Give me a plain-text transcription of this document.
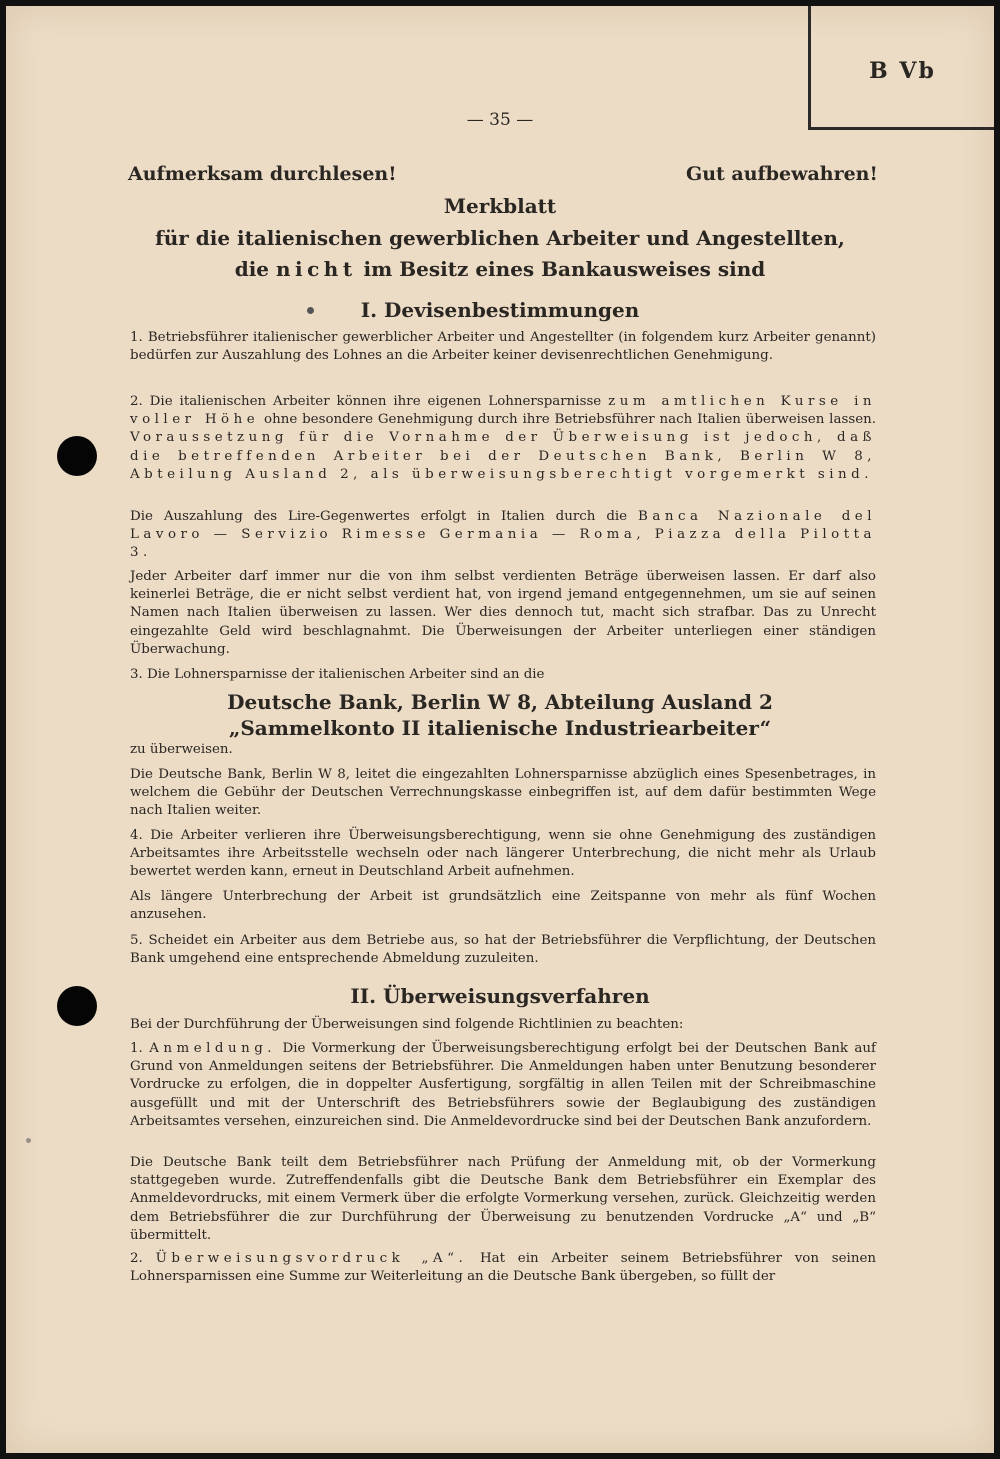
B Vb
— 35 —
Aufmerksam durchlesen!	Gut aufbewahren!
Merkblatt
für die italienischen gewerblichen Arbeiter und Angestellten,
die nicht im Besitz eines Bankausweises sind
I. Devisenbestimmungen
1. Betriebsführer italienischer gewerblicher Arbeiter und Angestellter (in folgendem kurz Arbeiter genannt) bedürfen zur Auszahlung des Lohnes an die Arbeiter keiner devisenrechtlichen Genehmigung.
2. Die italienischen Arbeiter können ihre eigenen Lohnersparnisse zum amtlichen Kurse in voller Höhe ohne besondere Genehmigung durch ihre Betriebsführer nach Italien überweisen lassen. Voraussetzung für die Vornahme der Überweisung ist jedoch, daß die betreffenden Arbeiter bei der Deutschen Bank, Berlin W 8, Abteilung Ausland 2, als überweisungsberechtigt vorgemerkt sind.
Die Auszahlung des Lire-Gegenwertes erfolgt in Italien durch die Banca Nazionale del Lavoro — Servizio Rimesse Germania — Roma, Piazza della Pilotta 3.
Jeder Arbeiter darf immer nur die von ihm selbst verdienten Beträge überweisen lassen. Er darf also keinerlei Beträge, die er nicht selbst verdient hat, von irgend jemand entgegennehmen, um sie auf seinen Namen nach Italien überweisen zu lassen. Wer dies dennoch tut, macht sich strafbar. Das zu Unrecht eingezahlte Geld wird beschlagnahmt. Die Überweisungen der Arbeiter unterliegen einer ständigen Überwachung.
3. Die Lohnersparnisse der italienischen Arbeiter sind an die
Deutsche Bank, Berlin W 8, Abteilung Ausland 2
„Sammelkonto II italienische Industriearbeiter“
zu überweisen.
Die Deutsche Bank, Berlin W 8, leitet die eingezahlten Lohnersparnisse abzüglich eines Spesenbetrages, in welchem die Gebühr der Deutschen Verrechnungskasse einbegriffen ist, auf dem dafür bestimmten Wege nach Italien weiter.
4. Die Arbeiter verlieren ihre Überweisungsberechtigung, wenn sie ohne Genehmigung des zuständigen Arbeitsamtes ihre Arbeitsstelle wechseln oder nach längerer Unterbrechung, die nicht mehr als Urlaub bewertet werden kann, erneut in Deutschland Arbeit aufnehmen.
Als längere Unterbrechung der Arbeit ist grundsätzlich eine Zeitspanne von mehr als fünf Wochen anzusehen.
5. Scheidet ein Arbeiter aus dem Betriebe aus, so hat der Betriebsführer die Verpflichtung, der Deutschen Bank umgehend eine entsprechende Abmeldung zuzuleiten.
II. Überweisungsverfahren
Bei der Durchführung der Überweisungen sind folgende Richtlinien zu beachten:
1. Anmeldung. Die Vormerkung der Überweisungsberechtigung erfolgt bei der Deutschen Bank auf Grund von Anmeldungen seitens der Betriebsführer. Die Anmeldungen haben unter Benutzung besonderer Vordrucke zu erfolgen, die in doppelter Ausfertigung, sorgfältig in allen Teilen mit der Schreibmaschine ausgefüllt und mit der Unterschrift des Betriebsführers sowie der Beglaubigung des zuständigen Arbeitsamtes versehen, einzureichen sind. Die Anmeldevordrucke sind bei der Deutschen Bank anzufordern.
Die Deutsche Bank teilt dem Betriebsführer nach Prüfung der Anmeldung mit, ob der Vormerkung stattgegeben wurde. Zutreffendenfalls gibt die Deutsche Bank dem Betriebsführer ein Exemplar des Anmeldevordrucks, mit einem Vermerk über die erfolgte Vormerkung versehen, zurück. Gleichzeitig werden dem Betriebsführer die zur Durchführung der Überweisung zu benutzenden Vordrucke „A“ und „B“ übermittelt.
2. Überweisungsvordruck „A“. Hat ein Arbeiter seinem Betriebsführer von seinen Lohnersparnissen eine Summe zur Weiterleitung an die Deutsche Bank übergeben, so füllt der
